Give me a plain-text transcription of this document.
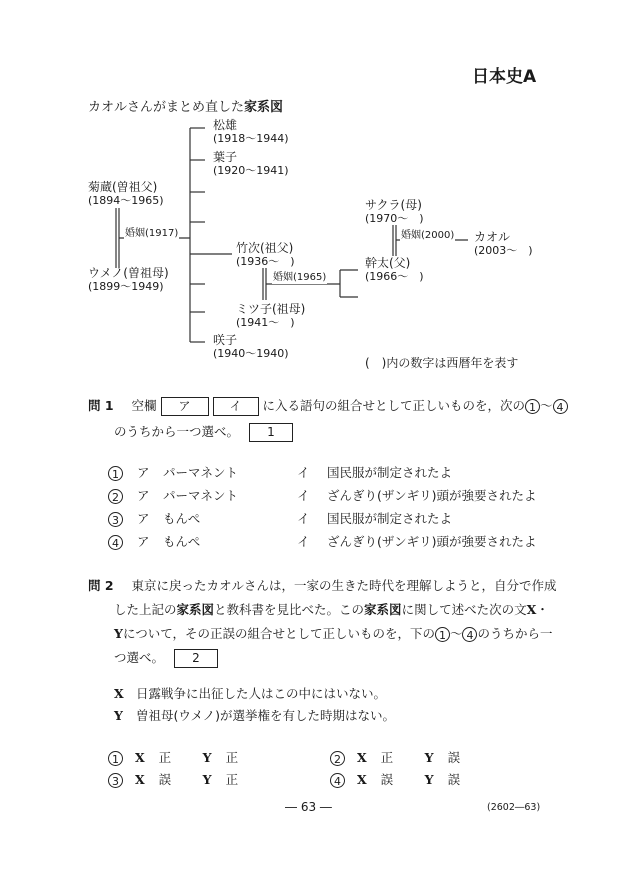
日本史A
カオルさんがまとめ直した家系図
松雄
(1918～1944)
葉子
(1920～1941)
菊蔵(曽祖父)
(1894～1965)
ウメノ(曽祖母)
(1899～1949)
竹次(祖父)
(1936～　)
ミツ子(祖母)
(1941～　)
咲子
(1940～1940)
サクラ(母)
(1970～　)
幹太(父)
(1966～　)
カオル
(2003～　)
婚姻(1917)
婚姻(1965)
婚姻(2000)
(　)内の数字は西暦年を表す
問 1 空欄 ア	イ に入る語句の組合せとして正しいものを，次の 1 ～ 4
のうちから一つ選べ。 1
1 ア パーマネント	イ 国民服が制定されたよ
2 ア パーマネント	イ ざんぎり(ザンギリ)頭が強要されたよ
3 ア もんぺ	イ 国民服が制定されたよ
4 ア もんぺ	イ ざんぎり(ザンギリ)頭が強要されたよ
問 2 東京に戻ったカオルさんは，一家の生きた時代を理解しようと，自分で作成
した上記の家系図と教科書を見比べた。この家系図に関して述べた次の文X・
Yについて，その正誤の組合せとして正しいものを，下の 1 ～ 4 のうちから一
つ選べ。 2
X 日露戦争に出征した人はこの中にはいない。
Y 曽祖母(ウメノ)が選挙権を有した時期はない。
1 X 正	Y 正	2 X 正	Y 誤
3 X 誤	Y 正	4 X 誤	Y 誤
― 63 ―	(2602―63)
